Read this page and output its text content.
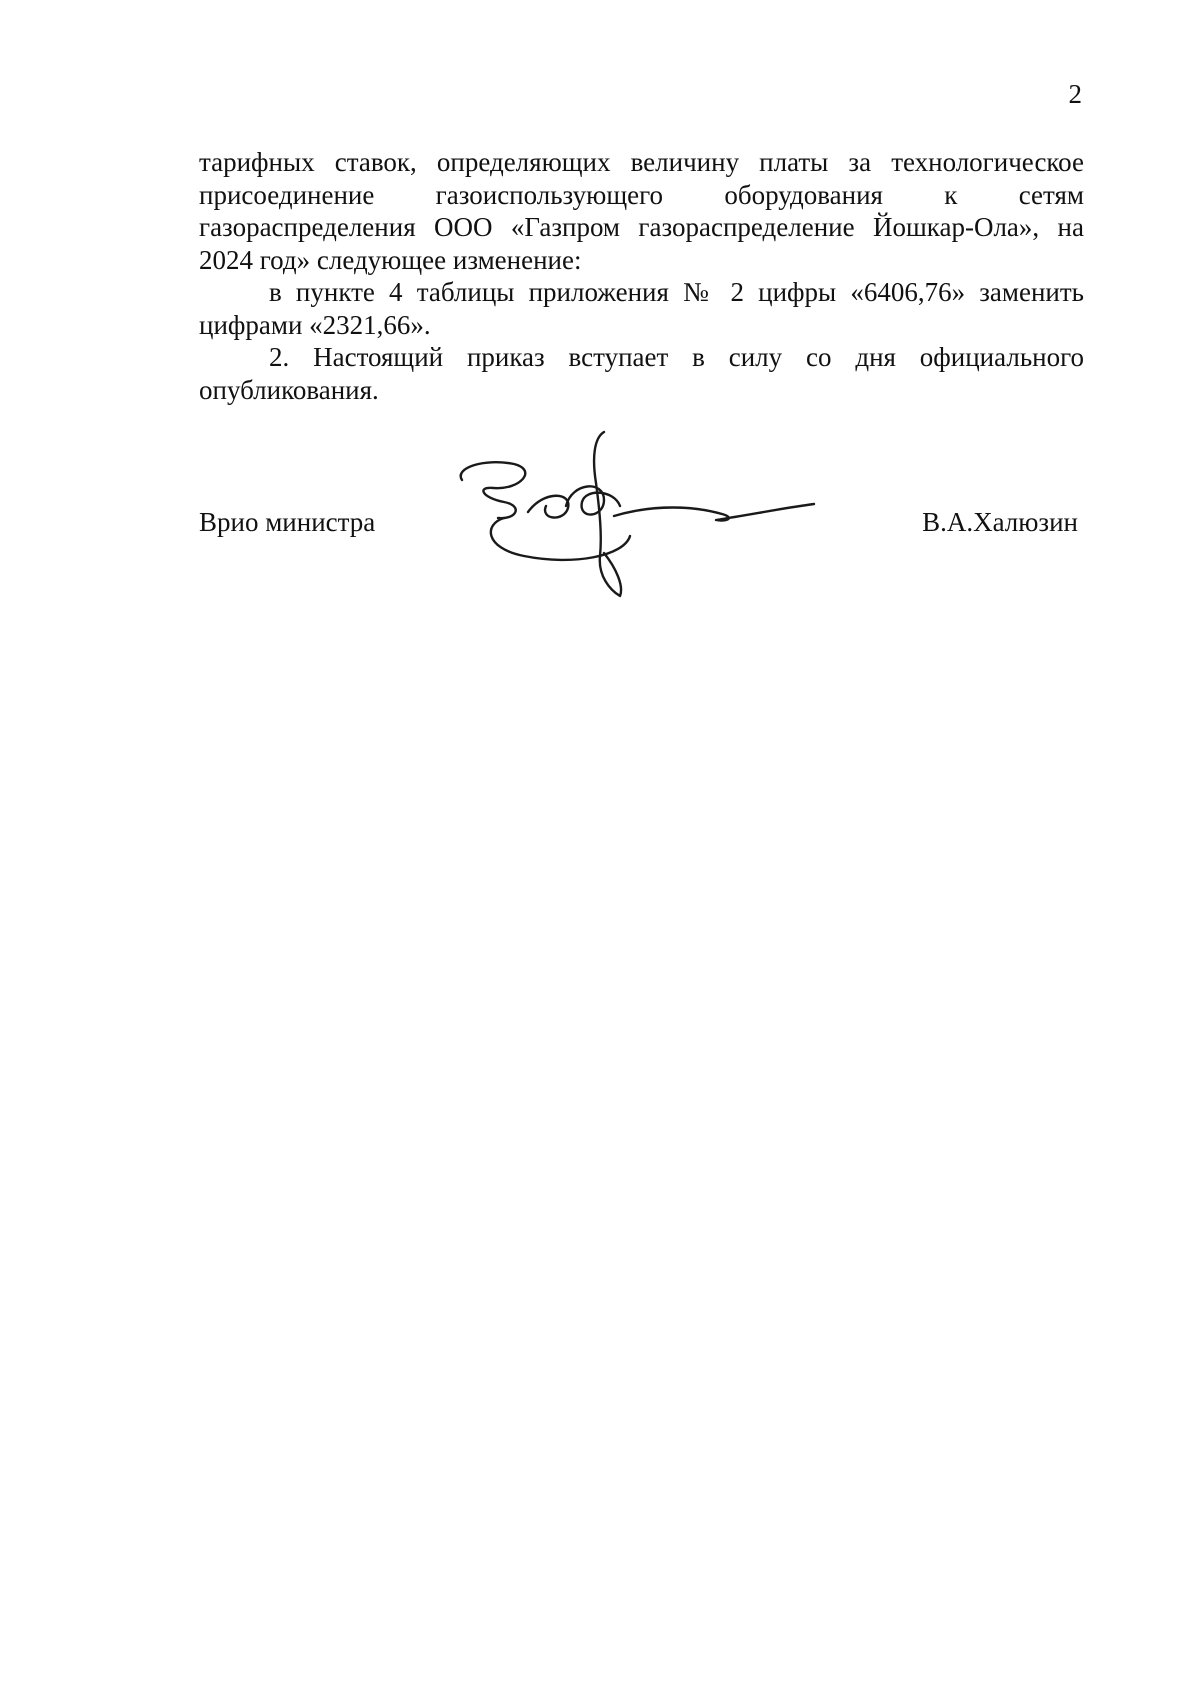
2

тарифных ставок, определяющих величину платы за технологическое присоединение газоиспользующего оборудования к сетям газораспределения ООО «Газпром газораспределение Йошкар-Ола», на 2024 год» следующее изменение:

в пункте 4 таблицы приложения № 2 цифры «6406,76» заменить цифрами «2321,66».

2. Настоящий приказ вступает в силу со дня официального опубликования.

Врио министра	В.А.Халюзин
